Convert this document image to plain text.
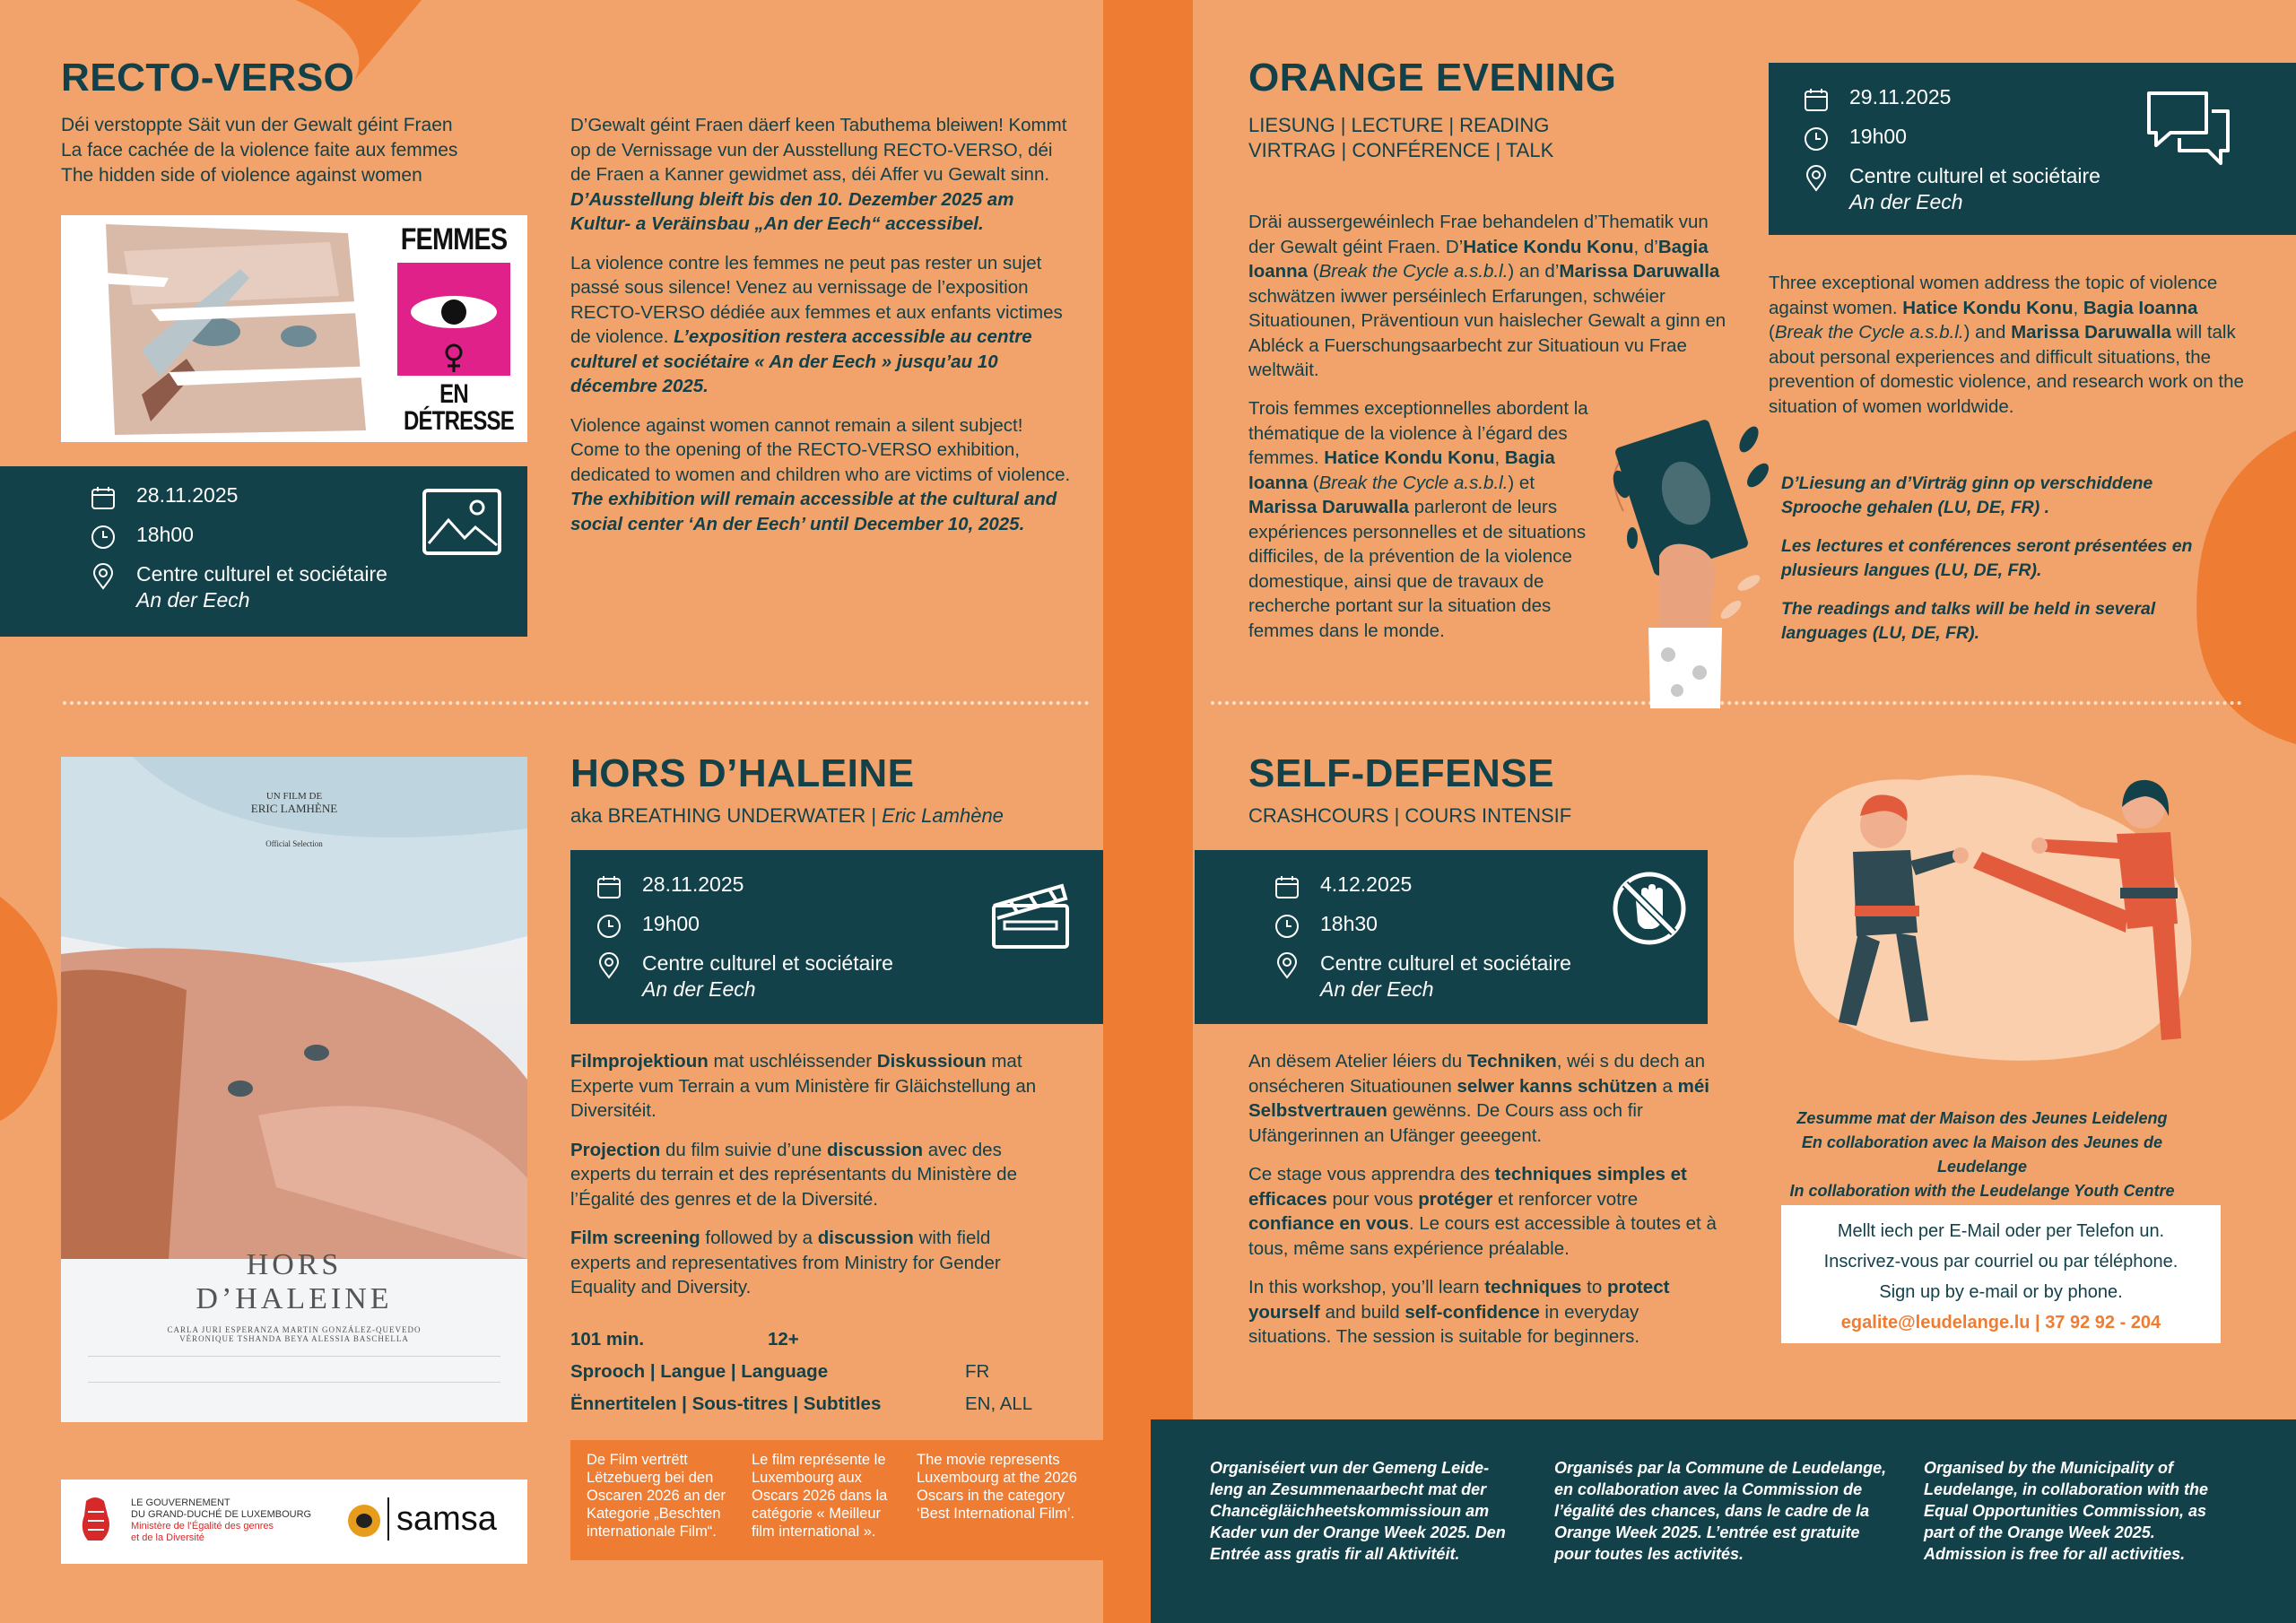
RECTO-VERSO
Déi verstoppte Säit vun der Gewalt géint Fraen
La face cachée de la violence faite aux femmes
The hidden side of violence against women
FEMMES
EN DÉTRESSE
28.11.2025
18h00
Centre culturel et sociétaire
An der Eech

D’Gewalt géint Fraen däerf keen Tabuthema bleiwen! Kommt op de Vernissage vun der Ausstellung RECTO-VERSO, déi de Fraen a Kanner gewidmet ass, déi Affer vu Gewalt sinn. D’Ausstellung bleift bis den 10. Dezember 2025 am Kultur- a Veräinsbau „An der Eech“ accessibel.

La violence contre les femmes ne peut pas rester un sujet passé sous silence! Venez au vernissage de l’exposition RECTO-VERSO dédiée aux femmes et aux enfants victimes de violence. L’exposition restera accessible au centre culturel et sociétaire « An der Eech » jusqu’au 10 décembre 2025.

Violence against women cannot remain a silent subject! Come to the opening of the RECTO-VERSO exhibition, dedicated to women and children who are victims of violence. The exhibition will remain accessible at the cultural and social center ‘An der Eech’ until December 10, 2025.

ORANGE EVENING
LIESUNG | LECTURE | READING
VIRTRAG | CONFÉRENCE | TALK
29.11.2025
19h00
Centre culturel et sociétaire
An der Eech
Dräi aussergewéinlech Frae behandelen d’Thematik vun der Gewalt géint Fraen. D’Hatice Kondu Konu, d’Bagia Ioanna (Break the Cycle a.s.b.l.) an d’Marissa Daruwalla schwätzen iwwer perséinlech Erfarungen, schwéier Situatiounen, Präventioun vun haislecher Gewalt a ginn en Abléck a Fuerschungsaarbecht zur Situatioun vu Frae weltwäit.
Trois femmes exceptionnelles abordent la thématique de la violence à l’égard des femmes. Hatice Kondu Konu, Bagia Ioanna (Break the Cycle a.s.b.l.) et Marissa Daruwalla parleront de leurs expériences personnelles et de situations difficiles, de la prévention de la violence domestique, ainsi que de travaux de recherche portant sur la situation des femmes dans le monde.
Three exceptional women address the topic of violence against women. Hatice Kondu Konu, Bagia Ioanna (Break the Cycle a.s.b.l.) and Marissa Daruwalla will talk about personal experiences and difficult situations, the prevention of domestic violence, and research work on the situation of women worldwide.
D’Liesung an d’Virträg ginn op verschiddene Sprooche gehalen (LU, DE, FR) .
Les lectures et conférences seront présentées en plusieurs langues (LU, DE, FR).
The readings and talks will be held in several languages (LU, DE, FR).
UN FILM DE
ERIC LAMHÈNE
Official Selection
HORS
D’HALEINE
CARLA JURI ESPERANZA MARTIN GONZÁLEZ-QUEVEDO
VÉRONIQUE TSHANDA BEYA ALESSIA BASCHELLA
HORS D’HALEINE
aka BREATHING UNDERWATER | Eric Lamhène
28.11.2025
19h00
Centre culturel et sociétaire
An der Eech

Filmprojektioun mat uschléissender Diskussioun mat Experte vum Terrain a vum Ministère fir Gläichstellung an Diversitéit.

Projection du film suivie d’une discussion avec des experts du terrain et des représentants du Ministère de l’Égalité des genres et de la Diversité.

Film screening followed by a discussion with field experts and representatives from Ministry for Gender Equality and Diversity.

101 min.	12+
Sprooch | Langue | Language	FR
Ënnertitelen | Sous-titres | Subtitles	EN, ALL
De Film vertrëtt Lëtzebuerg bei den Oscaren 2026 an der Kategorie „Beschten internationale Film“.
Le film représente le Luxembourg aux Oscars 2026 dans la catégorie « Meilleur film international ».
The movie represents Luxembourg at the 2026 Oscars in the category ‘Best International Film’.
LE GOUVERNEMENT
DU GRAND-DUCHÉ DE LUXEMBOURG
Ministère de l’Égalité des genres
et de la Diversité	samsa
SELF-DEFENSE
CRASHCOURS | COURS INTENSIF
4.12.2025
18h30
Centre culturel et sociétaire
An der Eech

An dësem Atelier léiers du Techniken, wéi s du dech an onsécheren Situatiounen selwer kanns schützen a méi Selbstvertrauen gewënns. De Cours ass och fir Ufängerinnen an Ufänger geeegent.

Ce stage vous apprendra des techniques simples et efficaces pour vous protéger et renforcer votre confiance en vous. Le cours est accessible à toutes et à tous, même sans expérience préalable.

In this workshop, you’ll learn techniques to protect yourself and build self-confidence in everyday situations. The session is suitable for beginners.

Zesumme mat der Maison des Jeunes Leideleng
En collaboration avec la Maison des Jeunes de Leudelange
In collaboration with the Leudelange Youth Centre
Mellt iech per E-Mail oder per Telefon un.
Inscrivez-vous par courriel ou par téléphone.
Sign up by e-mail or by phone.
egalite@leudelange.lu | 37 92 92 - 204
Organiséiert vun der Gemeng Leide-leng an Zesummenaarbecht mat der Chancëgläichheetskommissioun am Kader vun der Orange Week 2025. Den Entrée ass gratis fir all Aktivitéit.
Organisés par la Commune de Leudelange, en collaboration avec la Commission de l’égalité des chances, dans le cadre de la Orange Week 2025. L’entrée est gratuite pour toutes les activités.
Organised by the Municipality of Leudelange, in collaboration with the Equal Opportunities Commission, as part of the Orange Week 2025. Admission is free for all activities.
